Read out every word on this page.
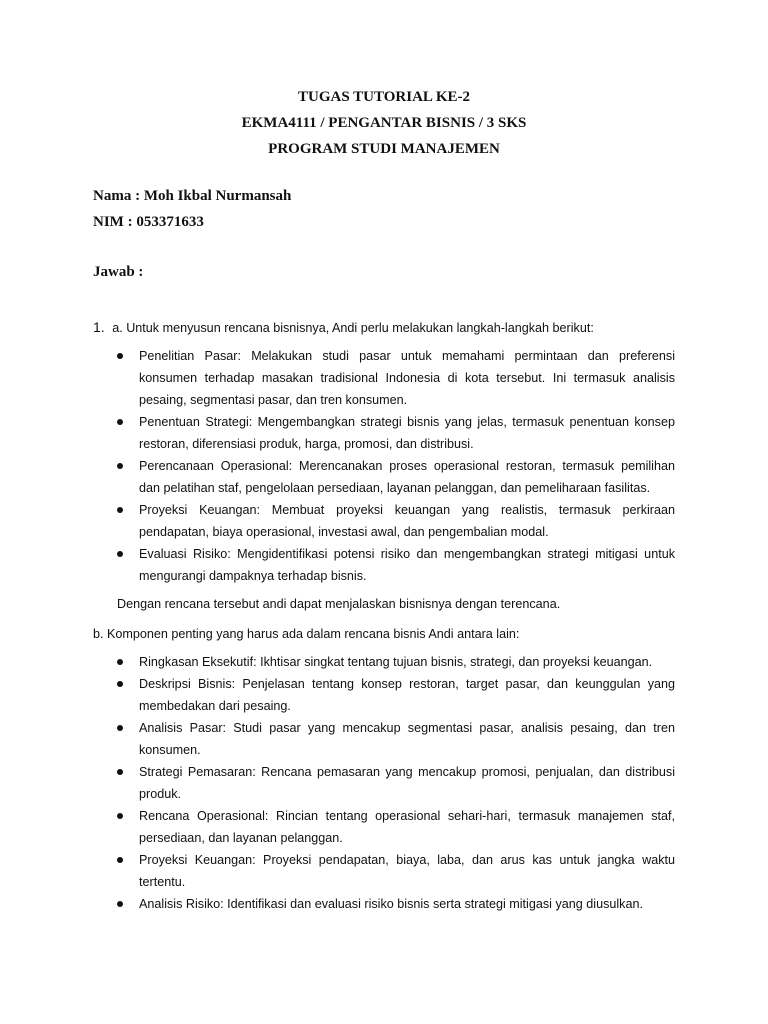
TUGAS TUTORIAL KE-2
EKMA4111 / PENGANTAR BISNIS / 3 SKS
PROGRAM STUDI MANAJEMEN
Nama : Moh Ikbal Nurmansah
NIM : 053371633
Jawab :
1. a. Untuk menyusun rencana bisnisnya, Andi perlu melakukan langkah-langkah berikut:
Penelitian Pasar: Melakukan studi pasar untuk memahami permintaan dan preferensi konsumen terhadap masakan tradisional Indonesia di kota tersebut. Ini termasuk analisis pesaing, segmentasi pasar, dan tren konsumen.
Penentuan Strategi: Mengembangkan strategi bisnis yang jelas, termasuk penentuan konsep restoran, diferensiasi produk, harga, promosi, dan distribusi.
Perencanaan Operasional: Merencanakan proses operasional restoran, termasuk pemilihan dan pelatihan staf, pengelolaan persediaan, layanan pelanggan, dan pemeliharaan fasilitas.
Proyeksi Keuangan: Membuat proyeksi keuangan yang realistis, termasuk perkiraan pendapatan, biaya operasional, investasi awal, dan pengembalian modal.
Evaluasi Risiko: Mengidentifikasi potensi risiko dan mengembangkan strategi mitigasi untuk mengurangi dampaknya terhadap bisnis.
Dengan rencana tersebut andi dapat menjalaskan bisnisnya dengan terencana.
b. Komponen penting yang harus ada dalam rencana bisnis Andi antara lain:
Ringkasan Eksekutif: Ikhtisar singkat tentang tujuan bisnis, strategi, dan proyeksi keuangan.
Deskripsi Bisnis: Penjelasan tentang konsep restoran, target pasar, dan keunggulan yang membedakan dari pesaing.
Analisis Pasar: Studi pasar yang mencakup segmentasi pasar, analisis pesaing, dan tren konsumen.
Strategi Pemasaran: Rencana pemasaran yang mencakup promosi, penjualan, dan distribusi produk.
Rencana Operasional: Rincian tentang operasional sehari-hari, termasuk manajemen staf, persediaan, dan layanan pelanggan.
Proyeksi Keuangan: Proyeksi pendapatan, biaya, laba, dan arus kas untuk jangka waktu tertentu.
Analisis Risiko: Identifikasi dan evaluasi risiko bisnis serta strategi mitigasi yang diusulkan.
